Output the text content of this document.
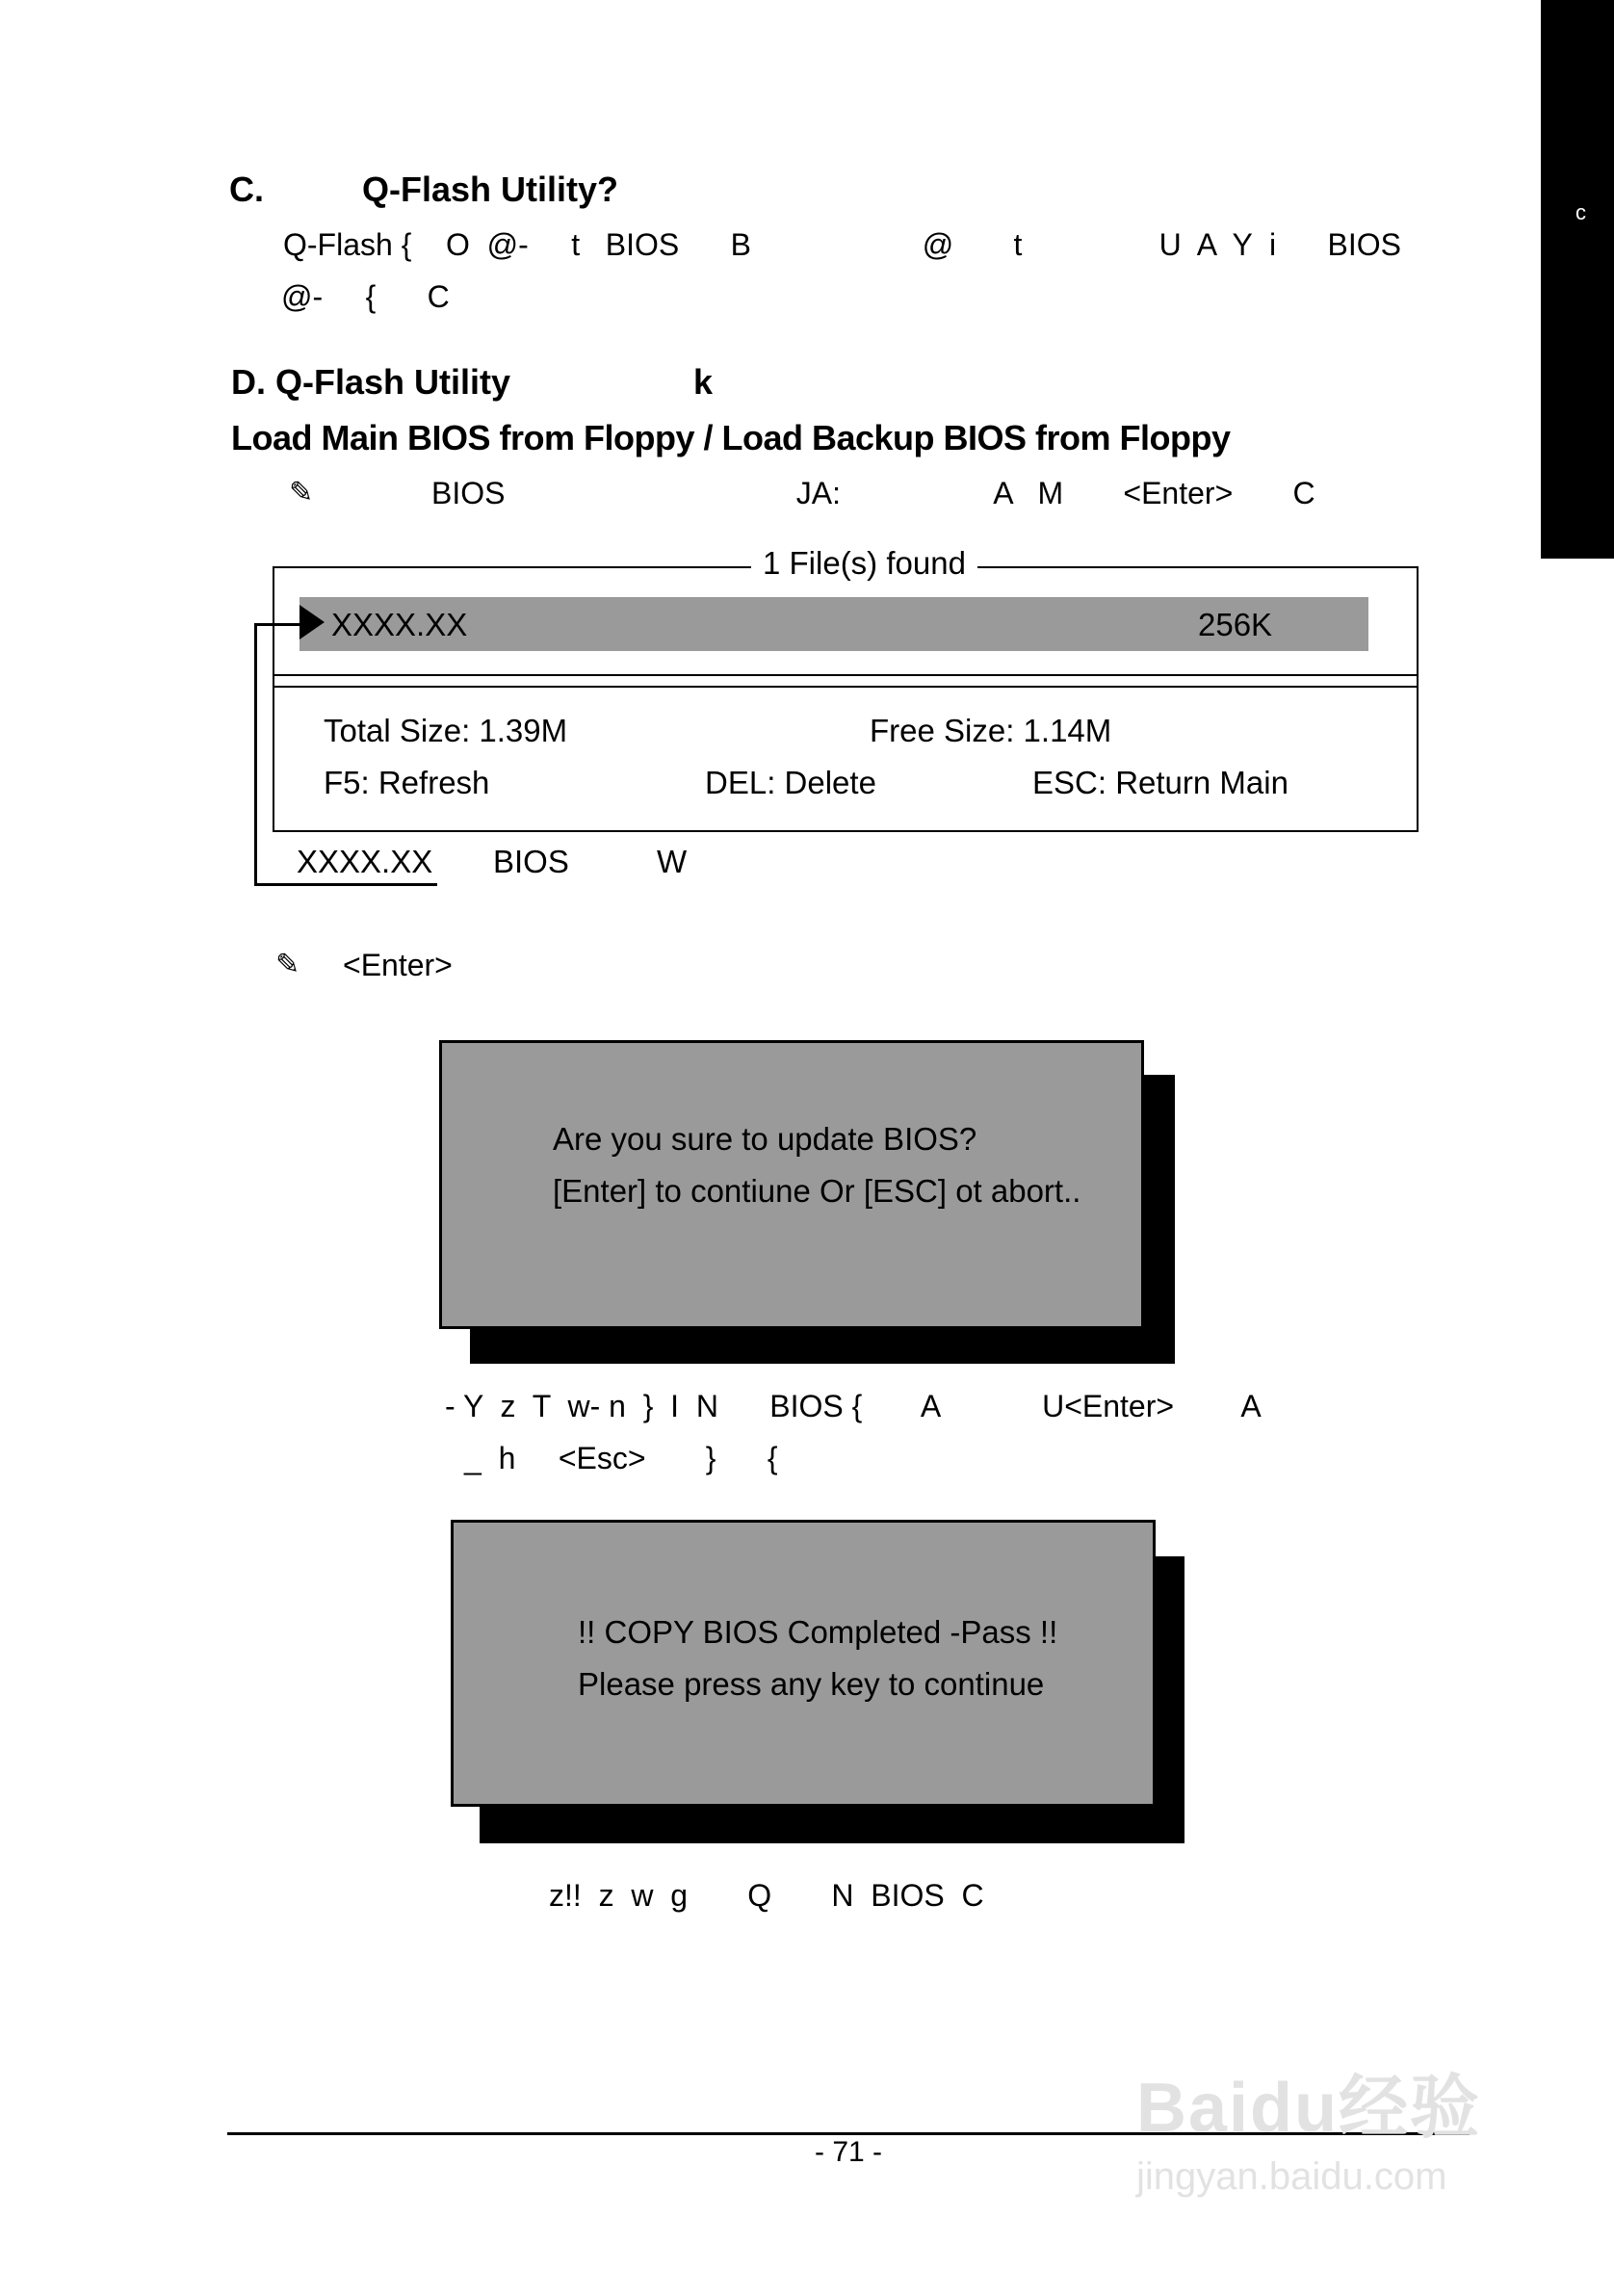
c
C.	Q-Flash Utility?
Q-Flash {    O  @-     t   BIOS      B                    @       t                U  A  Y  i      BIOS
@-     {      C
D. Q-Flash Utility                   k
Load Main BIOS from Floppy / Load Backup BIOS from Floppy
✎	BIOS                                  JA:                  A   M       <Enter>       C
1 File(s) found
XXXX.XX	256K
Total Size: 1.39M	Free Size: 1.14M
F5: Refresh	DEL: Delete	ESC: Return Main
XXXX.XX BIOS	W
✎ <Enter>
Are you sure to update BIOS?
[Enter] to contiune Or [ESC] ot abort..
- Y  z  T  w- n  }  I  N      BIOS {       A            U<Enter>        A
_  h     <Esc>       }      {
!! COPY BIOS Completed -Pass !!
Please press any key to continue
z!!  z  w  g       Q       N  BIOS  C
- 71 -
Baidu经验
jingyan.baidu.com
